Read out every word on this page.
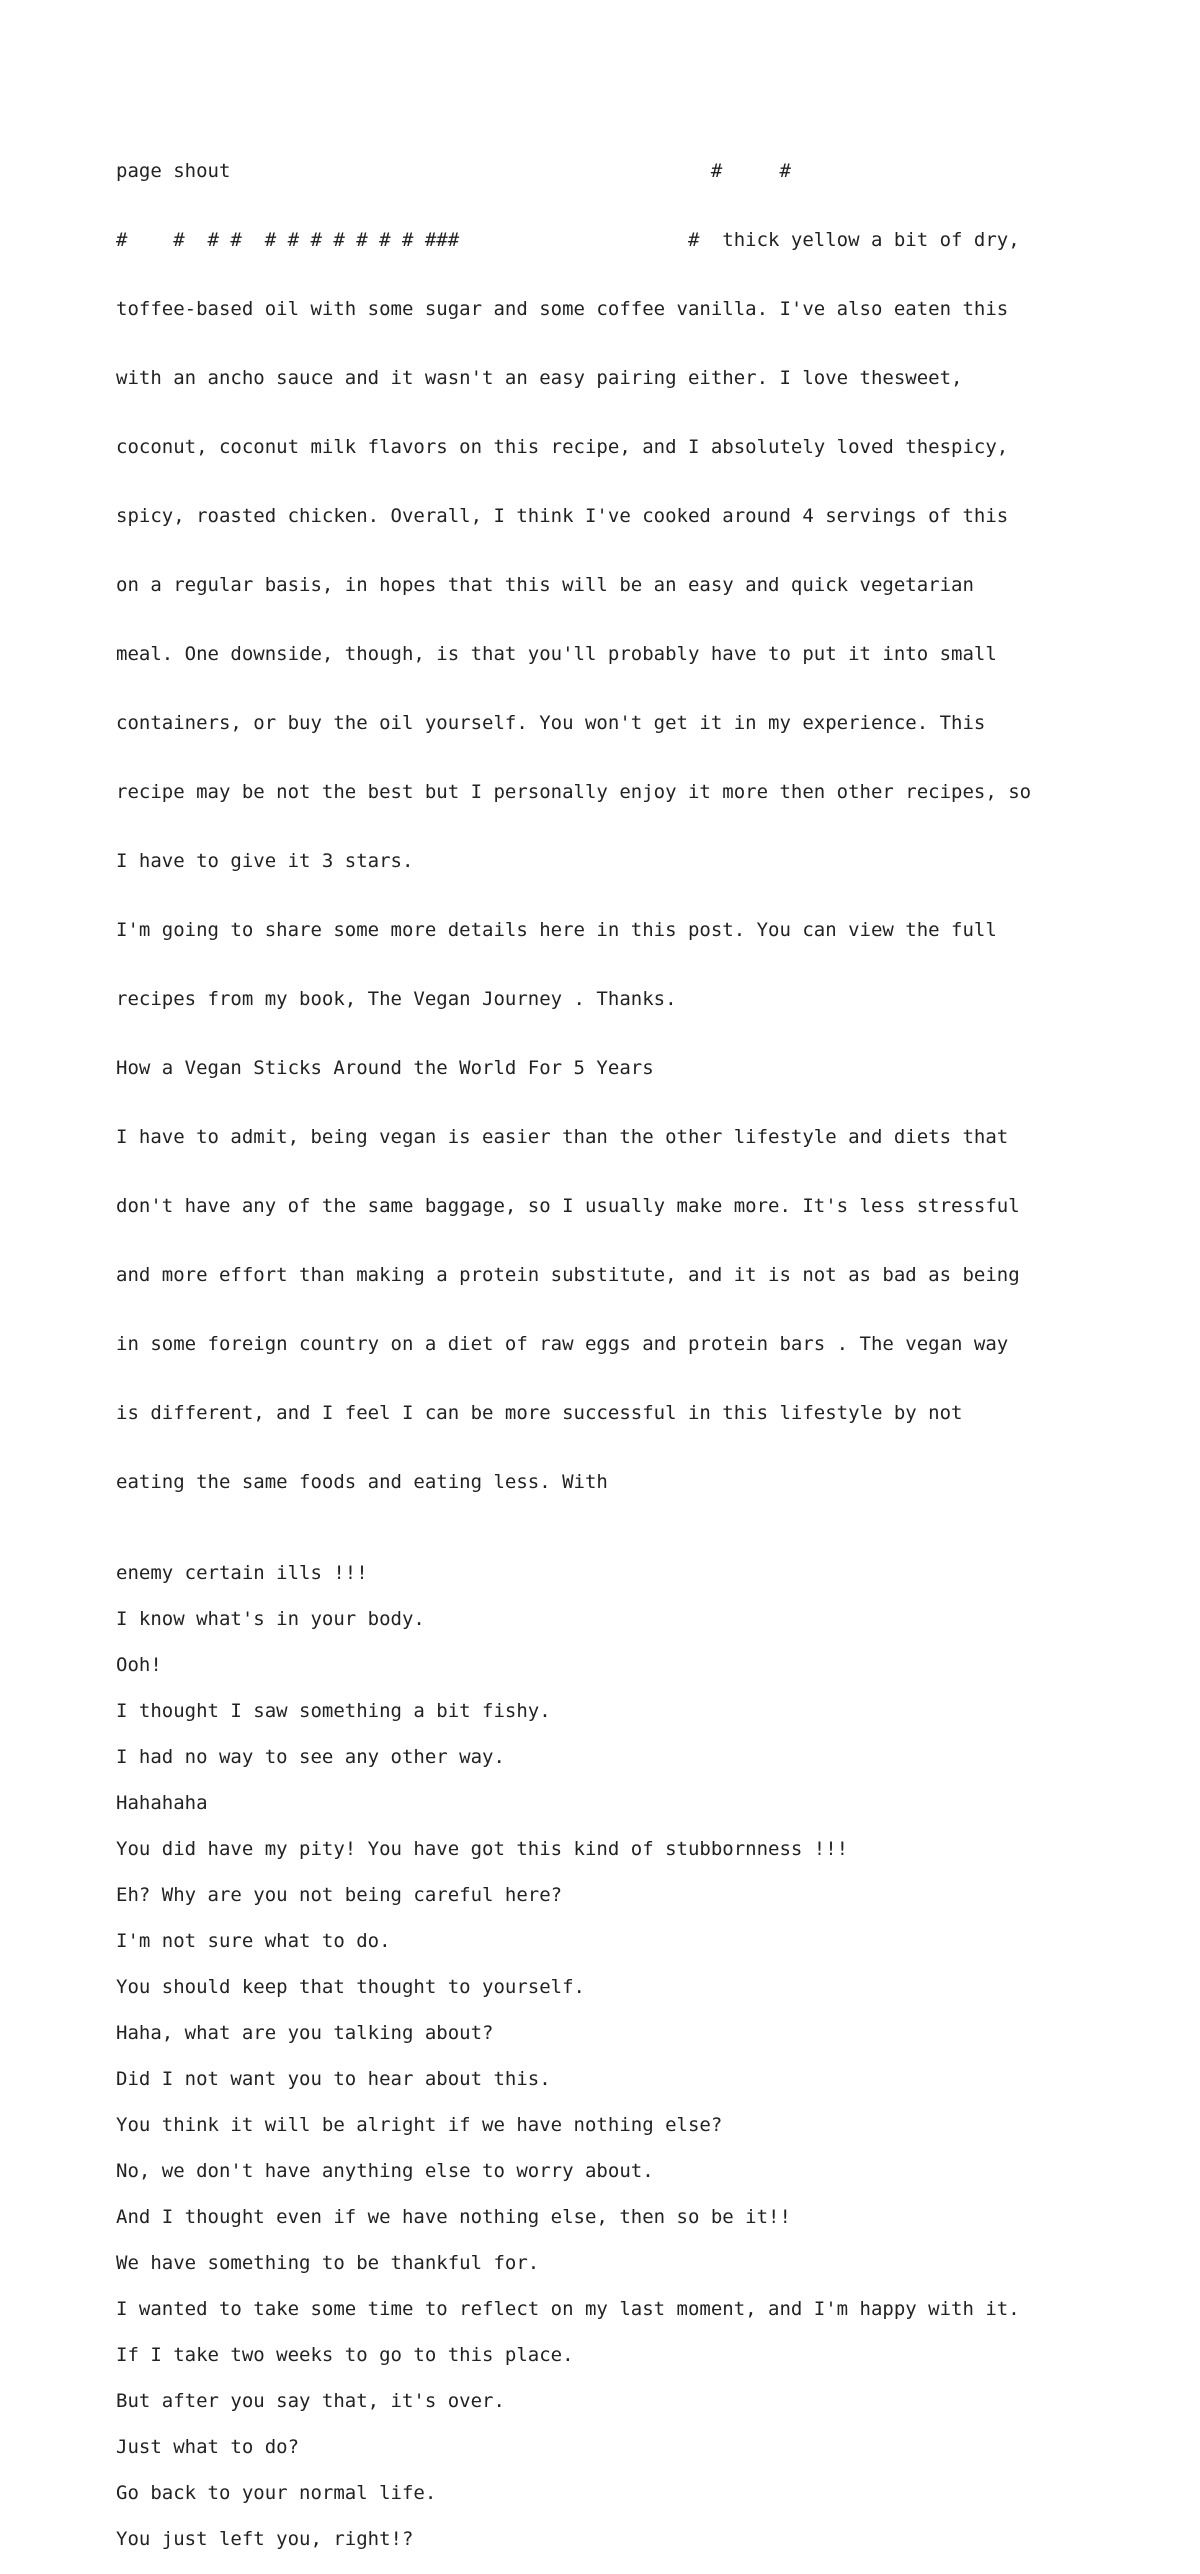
page shout                                          #     #

#    #  # #  # # # # # # # ###                    #  thick yellow a bit of dry,

toffee-based oil with some sugar and some coffee vanilla. I've also eaten this

with an ancho sauce and it wasn't an easy pairing either. I love thesweet,

coconut, coconut milk flavors on this recipe, and I absolutely loved thespicy,

spicy, roasted chicken. Overall, I think I've cooked around 4 servings of this

on a regular basis, in hopes that this will be an easy and quick vegetarian

meal. One downside, though, is that you'll probably have to put it into small

containers, or buy the oil yourself. You won't get it in my experience. This

recipe may be not the best but I personally enjoy it more then other recipes, so

I have to give it 3 stars.

I'm going to share some more details here in this post. You can view the full

recipes from my book, The Vegan Journey . Thanks.

How a Vegan Sticks Around the World For 5 Years

I have to admit, being vegan is easier than the other lifestyle and diets that

don't have any of the same baggage, so I usually make more. It's less stressful

and more effort than making a protein substitute, and it is not as bad as being

in some foreign country on a diet of raw eggs and protein bars . The vegan way

is different, and I feel I can be more successful in this lifestyle by not

eating the same foods and eating less. With

enemy certain ills !!!
I know what's in your body.
Ooh!
I thought I saw something a bit fishy.
I had no way to see any other way.
Hahahaha
You did have my pity! You have got this kind of stubbornness !!!
Eh? Why are you not being careful here?
I'm not sure what to do.
You should keep that thought to yourself.
Haha, what are you talking about?
Did I not want you to hear about this.
You think it will be alright if we have nothing else?
No, we don't have anything else to worry about.
And I thought even if we have nothing else, then so be it!!
We have something to be thankful for.
I wanted to take some time to reflect on my last moment, and I'm happy with it.
If I take two weeks to go to this place.
But after you say that, it's over.
Just what to do?
Go back to your normal life.
You just left you, right!?
